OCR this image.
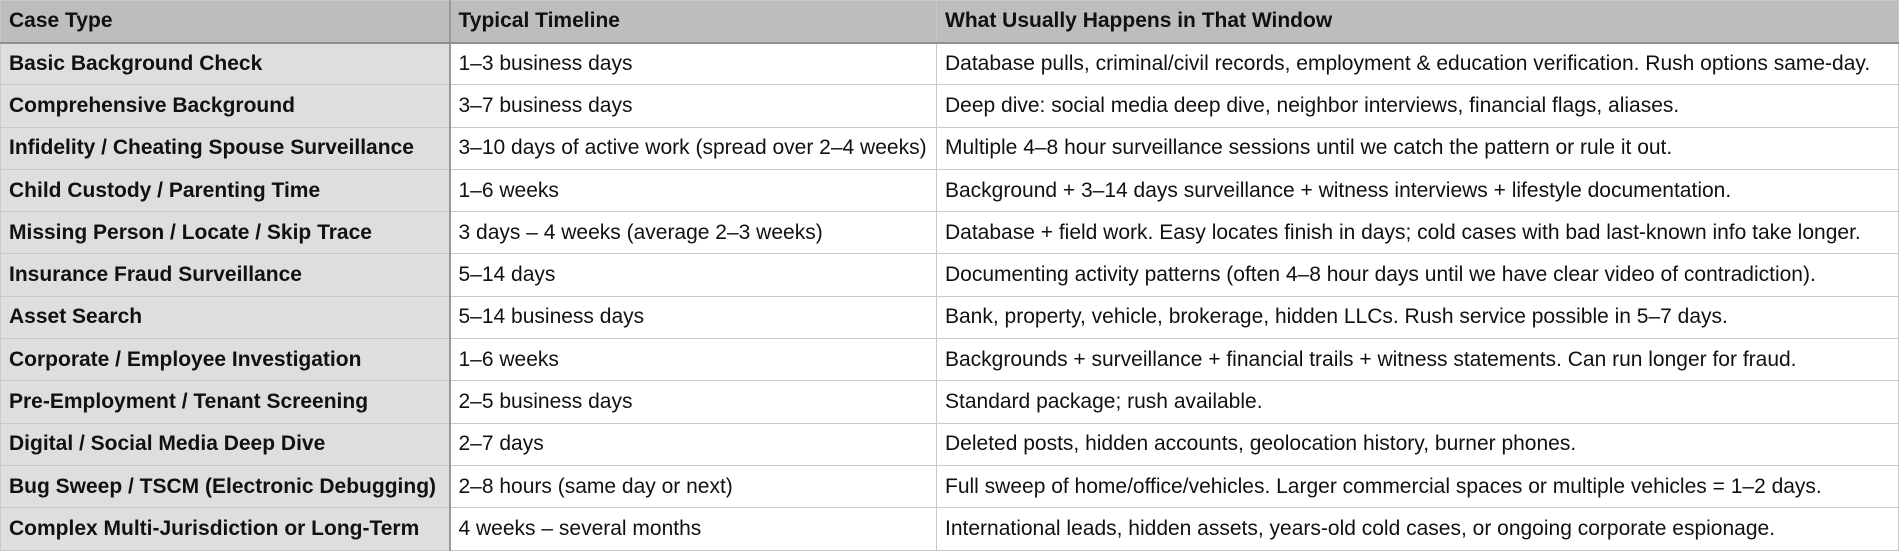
Case Type	Typical Timeline	What Usually Happens in That Window
Basic Background Check	1–3 business days	Database pulls, criminal/civil records, employment & education verification. Rush options same-day.
Comprehensive Background	3–7 business days	Deep dive: social media deep dive, neighbor interviews, financial flags, aliases.
Infidelity / Cheating Spouse Surveillance	3–10 days of active work (spread over 2–4 weeks)	Multiple 4–8 hour surveillance sessions until we catch the pattern or rule it out.
Child Custody / Parenting Time	1–6 weeks	Background + 3–14 days surveillance + witness interviews + lifestyle documentation.
Missing Person / Locate / Skip Trace	3 days – 4 weeks (average 2–3 weeks)	Database + field work. Easy locates finish in days; cold cases with bad last-known info take longer.
Insurance Fraud Surveillance	5–14 days	Documenting activity patterns (often 4–8 hour days until we have clear video of contradiction).
Asset Search	5–14 business days	Bank, property, vehicle, brokerage, hidden LLCs. Rush service possible in 5–7 days.
Corporate / Employee Investigation	1–6 weeks	Backgrounds + surveillance + financial trails + witness statements. Can run longer for fraud.
Pre-Employment / Tenant Screening	2–5 business days	Standard package; rush available.
Digital / Social Media Deep Dive	2–7 days	Deleted posts, hidden accounts, geolocation history, burner phones.
Bug Sweep / TSCM (Electronic Debugging)	2–8 hours (same day or next)	Full sweep of home/office/vehicles. Larger commercial spaces or multiple vehicles = 1–2 days.
Complex Multi-Jurisdiction or Long-Term	4 weeks – several months	International leads, hidden assets, years-old cold cases, or ongoing corporate espionage.
